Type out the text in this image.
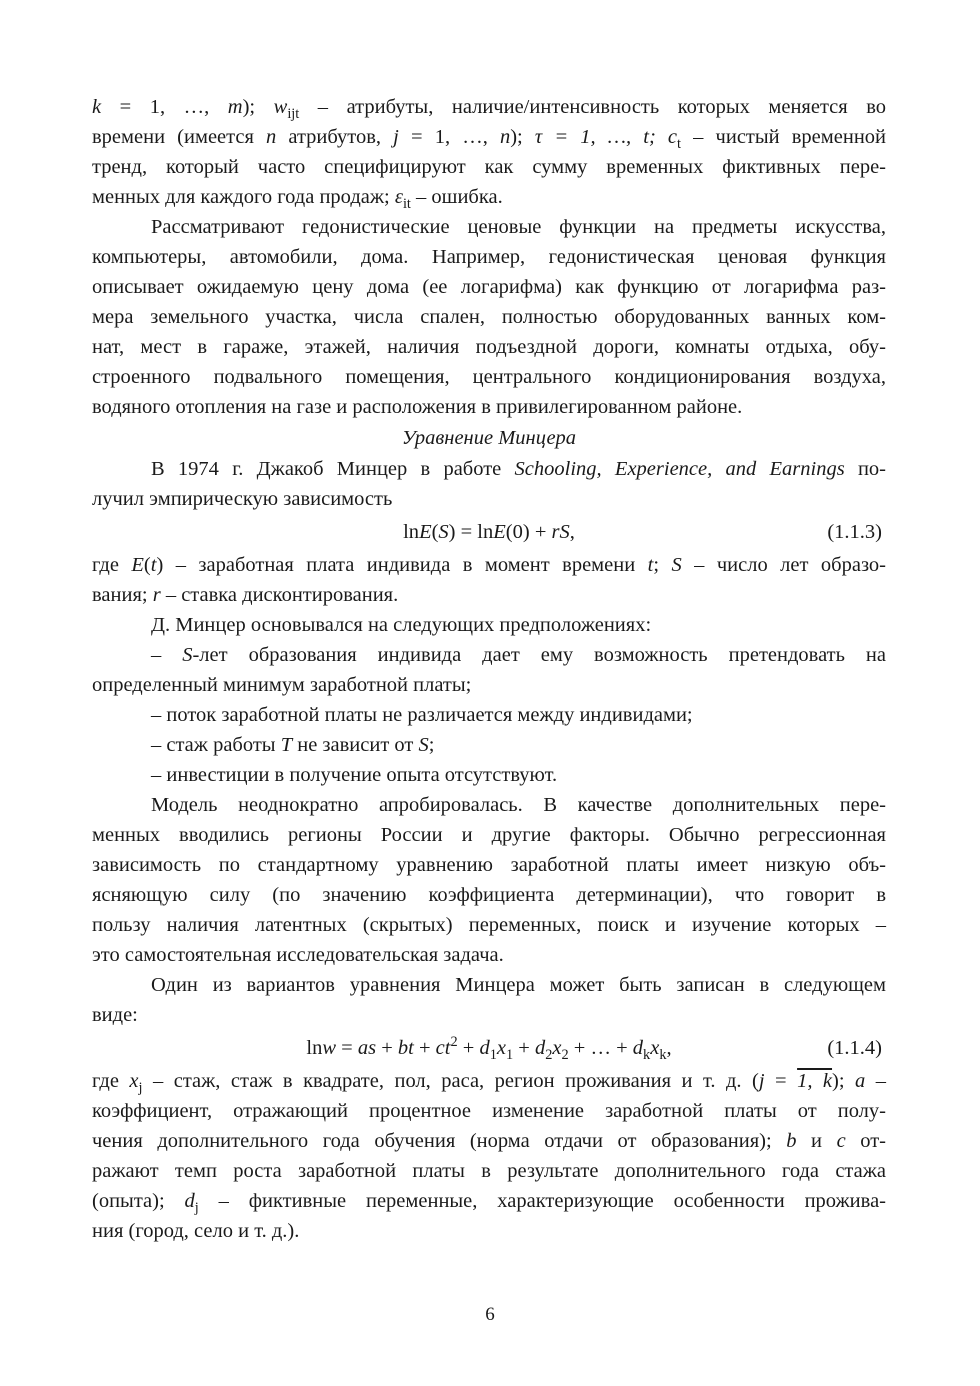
k = 1, …, m); $w_{ijt}$ – атрибуты, наличие/интенсивность которых меняется во
времени (имеется n атрибутов, j = 1, …, n); τ = 1, …, t; $c_t$ – чистый временной
тренд, который часто специфицируют как сумму временных фиктивных пере-
менных для каждого года продаж; $\varepsilon_{it}$ – ошибка.
Рассматривают гедонистические ценовые функции на предметы искусства,
компьютеры, автомобили, дома. Например, гедонистическая ценовая функция
описывает ожидаемую цену дома (ее логарифма) как функцию от логарифма раз-
мера земельного участка, числа спален, полностью оборудованных ванных ком-
нат, мест в гараже, этажей, наличия подъездной дороги, комнаты отдыха, обу-
строенного подвального помещения, центрального кондиционирования воздуха,
водяного отопления на газе и расположения в привилегированном районе.
Уравнение Минцера
В 1974 г. Джакоб Минцер в работе Schooling, Experience, and Earnings по-
лучил эмпирическую зависимость
lnE(S) = lnE(0) + rS,	(1.1.3)
где E(t) – заработная плата индивида в момент времени t; S – число лет образо-
вания; r – ставка дисконтирования.
Д. Минцер основывался на следующих предположениях:
– S-лет образования индивида дает ему возможность претендовать на
определенный минимум заработной платы;
– поток заработной платы не различается между индивидами;
– стаж работы T не зависит от S;
– инвестиции в получение опыта отсутствуют.
Модель неоднократно апробировалась. В качестве дополнительных пере-
менных вводились регионы России и другие факторы. Обычно регрессионная
зависимость по стандартному уравнению заработной платы имеет низкую объ-
ясняющую силу (по значению коэффициента детерминации), что говорит в
пользу наличия латентных (скрытых) переменных, поиск и изучение которых –
это самостоятельная исследовательская задача.
Один из вариантов уравнения Минцера может быть записан в следующем
виде:
lnw = as + bt + $ct^2 + d_1x_1 + d_2x_2$ + … + $d_kx_k$,	(1.1.4)
где $x_j$ – стаж, стаж в квадрате, пол, раса, регион проживания и т. д. (j = 1, k); a –
коэффициент, отражающий процентное изменение заработной платы от полу-
чения дополнительного года обучения (норма отдачи от образования); b и c от-
ражают темп роста заработной платы в результате дополнительного года стажа
(опыта); $d_j$ – фиктивные переменные, характеризующие особенности прожива-
ния (город, село и т. д.).
6
